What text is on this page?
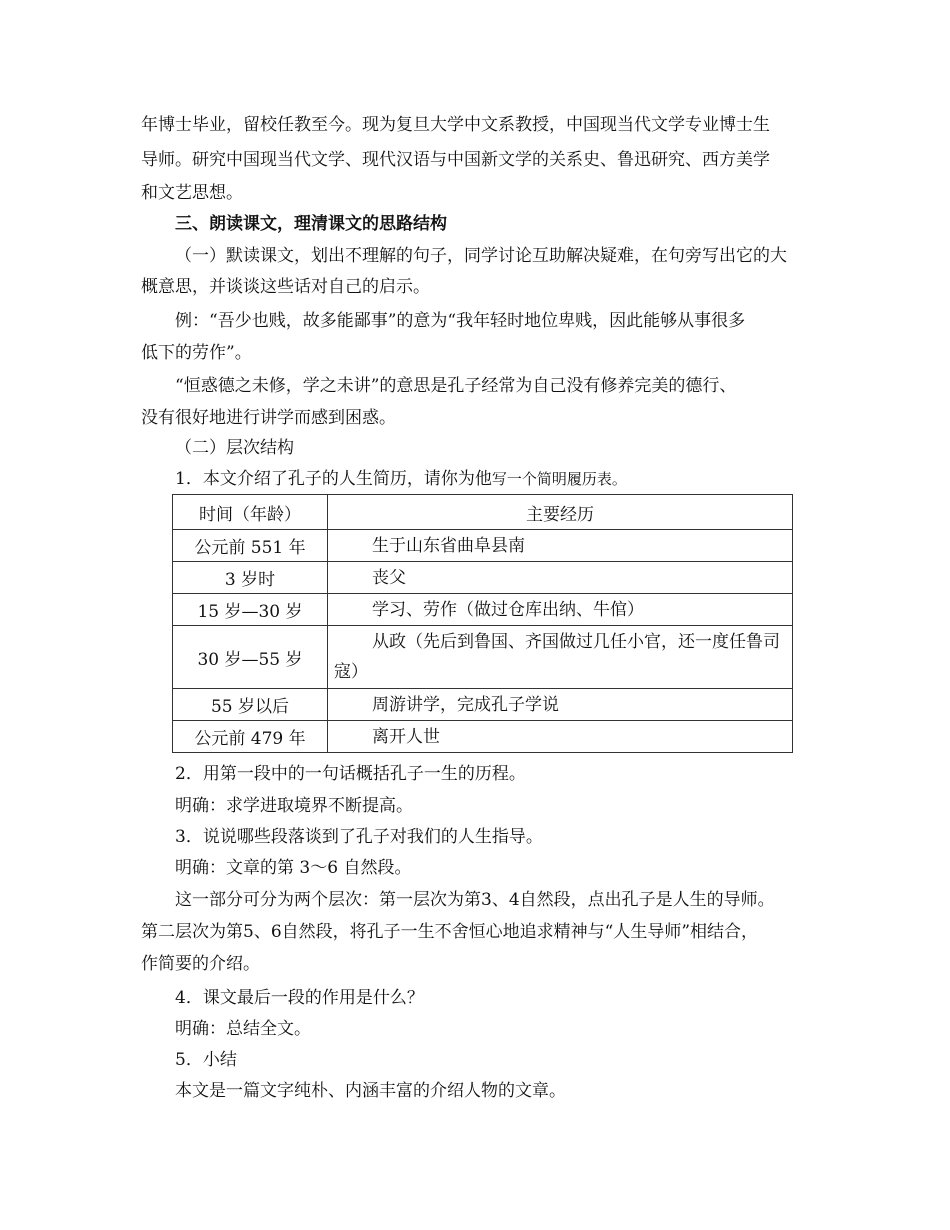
年博士毕业，留校任教至今。现为复旦大学中文系教授，中国现当代文学专业博士生
导师。研究中国现当代文学、现代汉语与中国新文学的关系史、鲁迅研究、西方美学
和文艺思想。
三、朗读课文，理清课文的思路结构
（一）默读课文，划出不理解的句子，同学讨论互助解决疑难，在句旁写出它的大
概意思，并谈谈这些话对自己的启示。
例：“吾少也贱，故多能鄙事”的意为“我年轻时地位卑贱，因此能够从事很多
低下的劳作”。
“恒惑德之未修，学之未讲”的意思是孔子经常为自己没有修养完美的德行、
没有很好地进行讲学而感到困惑。
（二）层次结构
1．本文介绍了孔子的人生简历，请你为他写一个简明履历表。
时间（年龄）	主要经历
公元前 551 年	生于山东省曲阜县南

3 岁时	丧父

15 岁—30 岁	学习、劳作（做过仓库出纳、牛倌）

30 岁—55 岁	从政（先后到鲁国、齐国做过几任小官，还一度任鲁司寇）

55 岁以后	周游讲学，完成孔子学说

公元前 479 年	离开人世
2．用第一段中的一句话概括孔子一生的历程。
明确：求学进取境界不断提高。
3．说说哪些段落谈到了孔子对我们的人生指导。
明确：文章的第 3～6 自然段。
这一部分可分为两个层次：第一层次为第3、4自然段，点出孔子是人生的导师。
第二层次为第5、6自然段，将孔子一生不舍恒心地追求精神与“人生导师”相结合，
作简要的介绍。
4．课文最后一段的作用是什么？
明确：总结全文。
5．小结
本文是一篇文字纯朴、内涵丰富的介绍人物的文章。
